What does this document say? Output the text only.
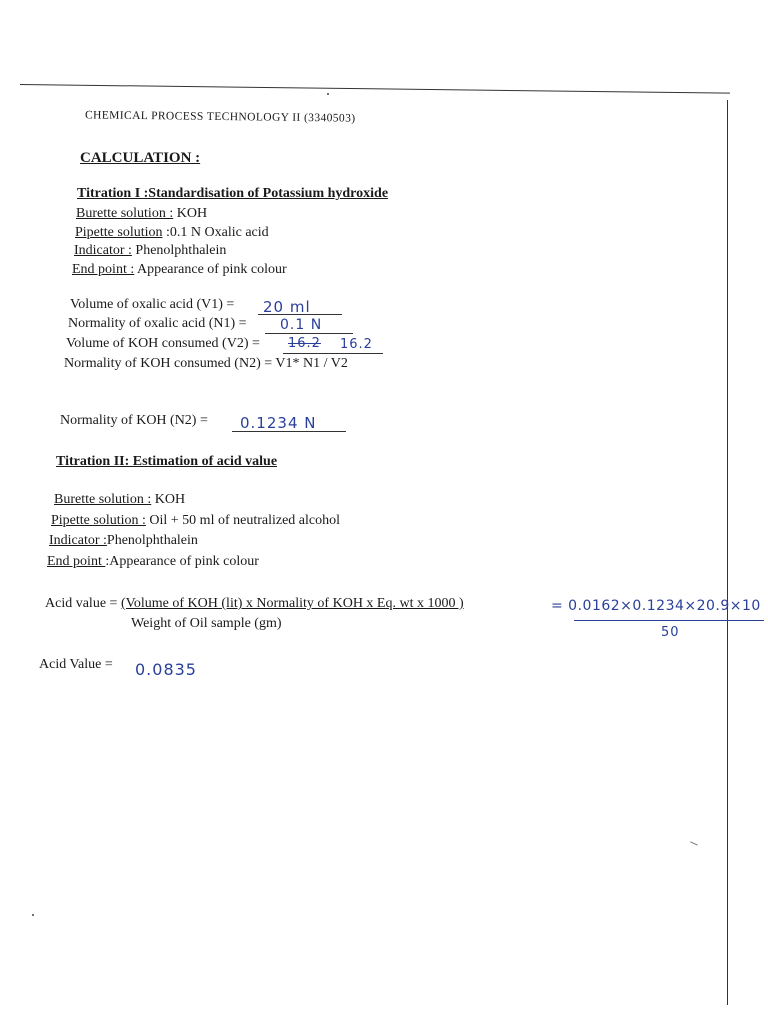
CHEMICAL PROCESS TECHNOLOGY II (3340503)
CALCULATION :
Titration I :Standardisation of Potassium hydroxide
Burette solution : KOH
Pipette solution :0.1 N Oxalic acid
Indicator : Phenolphthalein
End point : Appearance of pink colour
Volume of oxalic acid (V1) = 20 ml
Normality of oxalic acid (N1) = 0.1 N
Volume of KOH consumed (V2) = 16.2 16.2
Normality of KOH consumed (N2) = V1* N1 / V2
Normality of KOH (N2) = 0.1234 N
Titration II: Estimation of acid value
Burette solution : KOH
Pipette solution : Oil + 50 ml of neutralized alcohol
Indicator :Phenolphthalein
End point :Appearance of pink colour
Acid value = (Volume of KOH (lit) x Normality of KOH x Eq. wt x 1000 )
Weight of Oil sample (gm)
= 0.0162×0.1234×20.9×10
50
Acid Value = 0.0835
